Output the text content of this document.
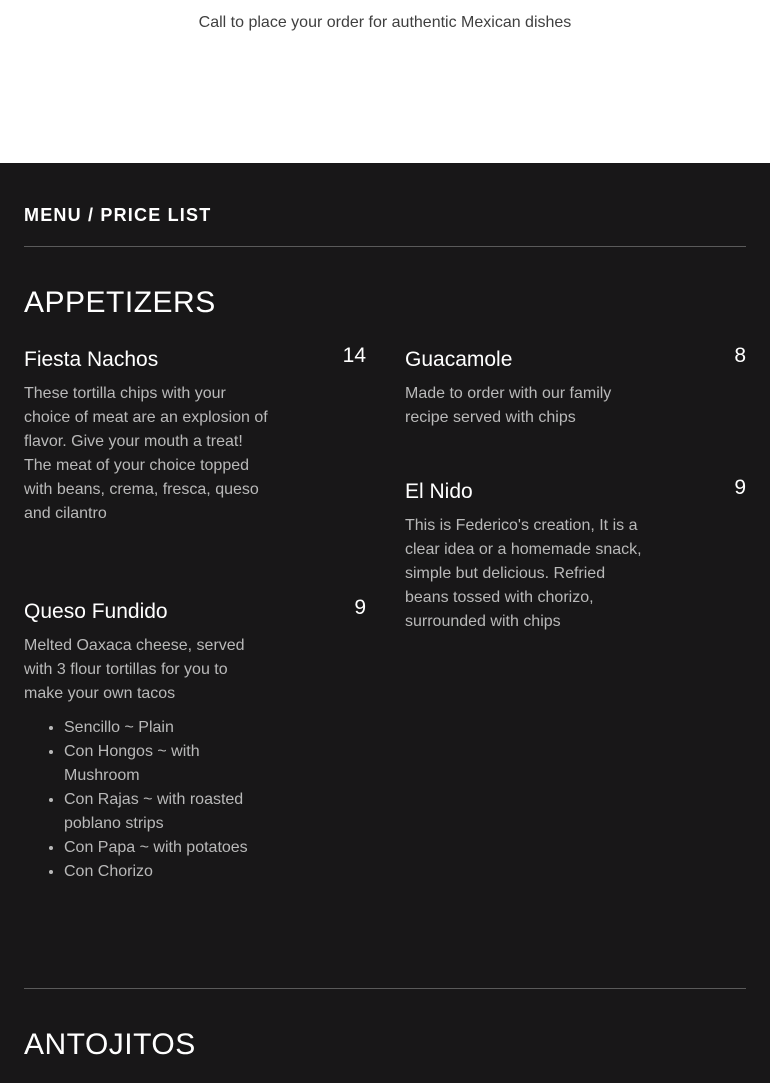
Call to place your order for authentic Mexican dishes
MENU / PRICE LIST
APPETIZERS
Fiesta Nachos	14
These tortilla chips with your choice of meat are an explosion of flavor. Give your mouth a treat! The meat of your choice topped with beans, crema, fresca, queso and cilantro
Guacamole	8
Made to order with our family recipe served with chips
El Nido	9
This is Federico's creation, It is a clear idea or a homemade snack, simple but delicious. Refried beans tossed with chorizo, surrounded with chips
Queso Fundido	9
Melted Oaxaca cheese, served with 3 flour tortillas for you to make your own tacos
• Sencillo ~ Plain
• Con Hongos ~ with Mushroom
• Con Rajas ~ with roasted poblano strips
• Con Papa ~ with potatoes
• Con Chorizo
ANTOJITOS
